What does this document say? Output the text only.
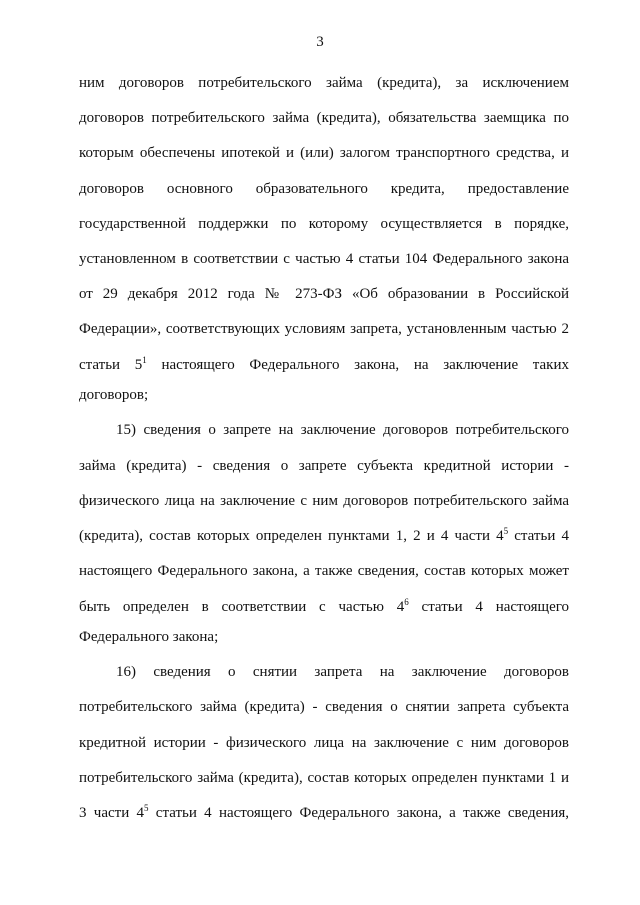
3
ним договоров потребительского займа (кредита), за исключением
договоров потребительского займа (кредита), обязательства заемщика по
которым обеспечены ипотекой и (или) залогом транспортного средства, и
договоров основного образовательного кредита, предоставление
государственной поддержки по которому осуществляется в порядке,
установленном в соответствии с частью 4 статьи 104 Федерального закона
от 29 декабря 2012 года № 273-ФЗ «Об образовании в Российской
Федерации», соответствующих условиям запрета, установленным частью 2
статьи $5^1$ настоящего Федерального закона, на заключение таких
договоров;
15) сведения о запрете на заключение договоров потребительского
займа (кредита) - сведения о запрете субъекта кредитной истории -
физического лица на заключение с ним договоров потребительского займа
(кредита), состав которых определен пунктами 1, 2 и 4 части $4^5$ статьи 4
настоящего Федерального закона, а также сведения, состав которых может
быть определен в соответствии с частью $4^6$ статьи 4 настоящего
Федерального закона;
16) сведения о снятии запрета на заключение договоров
потребительского займа (кредита) - сведения о снятии запрета субъекта
кредитной истории - физического лица на заключение с ним договоров
потребительского займа (кредита), состав которых определен пунктами 1 и
3 части $4^5$ статьи 4 настоящего Федерального закона, а также сведения,
